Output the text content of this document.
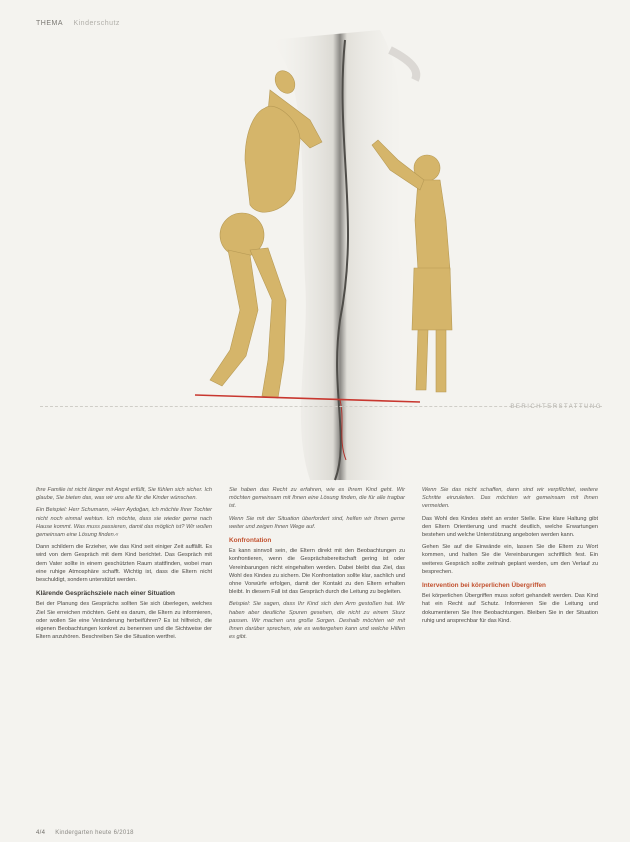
THEMA Kinderschutz
BERICHTERSTATTUNG

Ihre Familie ist nicht länger mit Angst erfüllt, Sie fühlen sich sicher. Ich glaube, Sie bieten das, was wir uns alle für die Kinder wünschen.

Ein Beispiel: Herr Schumann, »Herr Aydoğan, ich möchte Ihrer Tochter nicht noch einmal wehtun. Ich möchte, dass sie wieder gerne nach Hause kommt. Was muss passieren, damit das möglich ist? Wir wollen gemeinsam eine Lösung finden.«

Dann schildern die Erzieher, wie das Kind seit einiger Zeit auffällt. Es wird von dem Gespräch mit dem Kind berichtet. Das Gespräch mit dem Vater sollte in einem geschützten Raum stattfinden, wobei man eine ruhige Atmosphäre schafft. Wichtig ist, dass die Eltern nicht beschuldigt, sondern unterstützt werden.

Klärende Gesprächsziele nach einer Situation

Bei der Planung des Gesprächs sollten Sie sich überlegen, welches Ziel Sie erreichen möchten. Geht es darum, die Eltern zu informieren, oder wollen Sie eine Veränderung herbeiführen? Es ist hilfreich, die eigenen Beobachtungen konkret zu benennen und die Sichtweise der Eltern anzuhören. Beschreiben Sie die Situation wertfrei.

Sie haben das Recht zu erfahren, wie es Ihrem Kind geht. Wir möchten gemeinsam mit Ihnen eine Lösung finden, die für alle tragbar ist.

Wenn Sie mit der Situation überfordert sind, helfen wir Ihnen gerne weiter und zeigen Ihnen Wege auf.

Konfrontation

Es kann sinnvoll sein, die Eltern direkt mit den Beobachtungen zu konfrontieren, wenn die Gesprächsbereitschaft gering ist oder Vereinbarungen nicht eingehalten werden. Dabei bleibt das Ziel, das Wohl des Kindes zu sichern. Die Konfrontation sollte klar, sachlich und ohne Vorwürfe erfolgen, damit der Kontakt zu den Eltern erhalten bleibt. In diesem Fall ist das Gespräch durch die Leitung zu begleiten.

Beispiel: Sie sagen, dass Ihr Kind sich den Arm gestoßen hat. Wir haben aber deutliche Spuren gesehen, die nicht zu einem Sturz passen. Wir machen uns große Sorgen. Deshalb möchten wir mit Ihnen darüber sprechen, wie es weitergehen kann und welche Hilfen es gibt.

Wenn Sie das nicht schaffen, dann sind wir verpflichtet, weitere Schritte einzuleiten. Das möchten wir gemeinsam mit Ihnen vermeiden.

Das Wohl des Kindes steht an erster Stelle. Eine klare Haltung gibt den Eltern Orientierung und macht deutlich, welche Erwartungen bestehen und welche Unterstützung angeboten werden kann.

Gehen Sie auf die Einwände ein, lassen Sie die Eltern zu Wort kommen, und halten Sie die Vereinbarungen schriftlich fest. Ein weiteres Gespräch sollte zeitnah geplant werden, um den Verlauf zu besprechen.

Intervention bei körperlichen Übergriffen

Bei körperlichen Übergriffen muss sofort gehandelt werden. Das Kind hat ein Recht auf Schutz. Informieren Sie die Leitung und dokumentieren Sie Ihre Beobachtungen. Bleiben Sie in der Situation ruhig und ansprechbar für das Kind.

4/4 Kindergarten heute 6/2018
